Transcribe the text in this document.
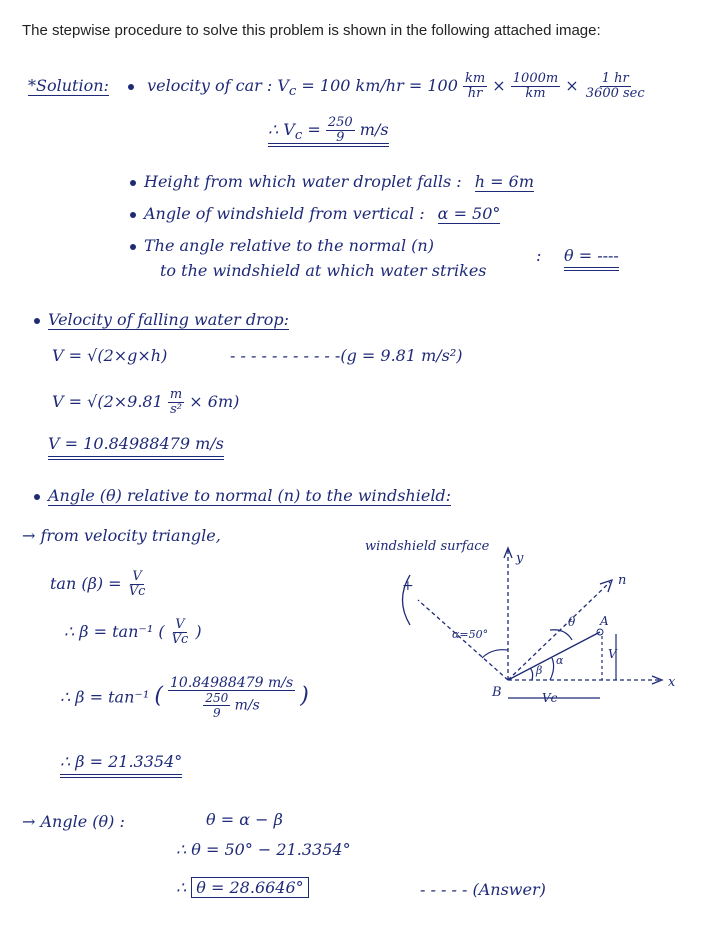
The stepwise procedure to solve this problem is shown in the following attached image:
*Solution: velocity of car : $V_c = 100$ $km/hr = 100 \frac{km}{hr} \times \frac{1000m}{km} \times \frac{1 hr}{3600 \sec}$
∴ $V_c = \frac{250}{9} m/s$
Height from which water droplet falls : h = 6m
Angle of windshield from vertical : α = 50°
The angle relative to the normal (n)
to the windshield at which water strikes
: θ = ----
Velocity of falling water drop:
V = √(2×g×h)	- - - - - - - - - - -(g = 9.81 m/s²)
$V = √(2\times 9.81 \frac{m}{\text{s²}} \times 6m)$
V = 10.84988479 m/s
Angle (θ) relative to normal (n) to the windshield:
→ from velocity triangle,
$\tan (\beta) = \frac{V}{Vc}$
∴ β = tan⁻¹ ( $\frac{V}{Vc}$ )
∴ β = tan⁻¹ ( $\frac{10.84988479 m/s}{\frac{250}{9} m/s}$ )
∴ β = 21.3354°
windshield surface
y
x
+	n
α=50°
A
V
θ
α
β
B	Vc
→ Angle (θ) :	θ = α − β
∴ θ = 50° − 21.3354°
∴ θ = 28.6646°	- - - - - (Answer)
